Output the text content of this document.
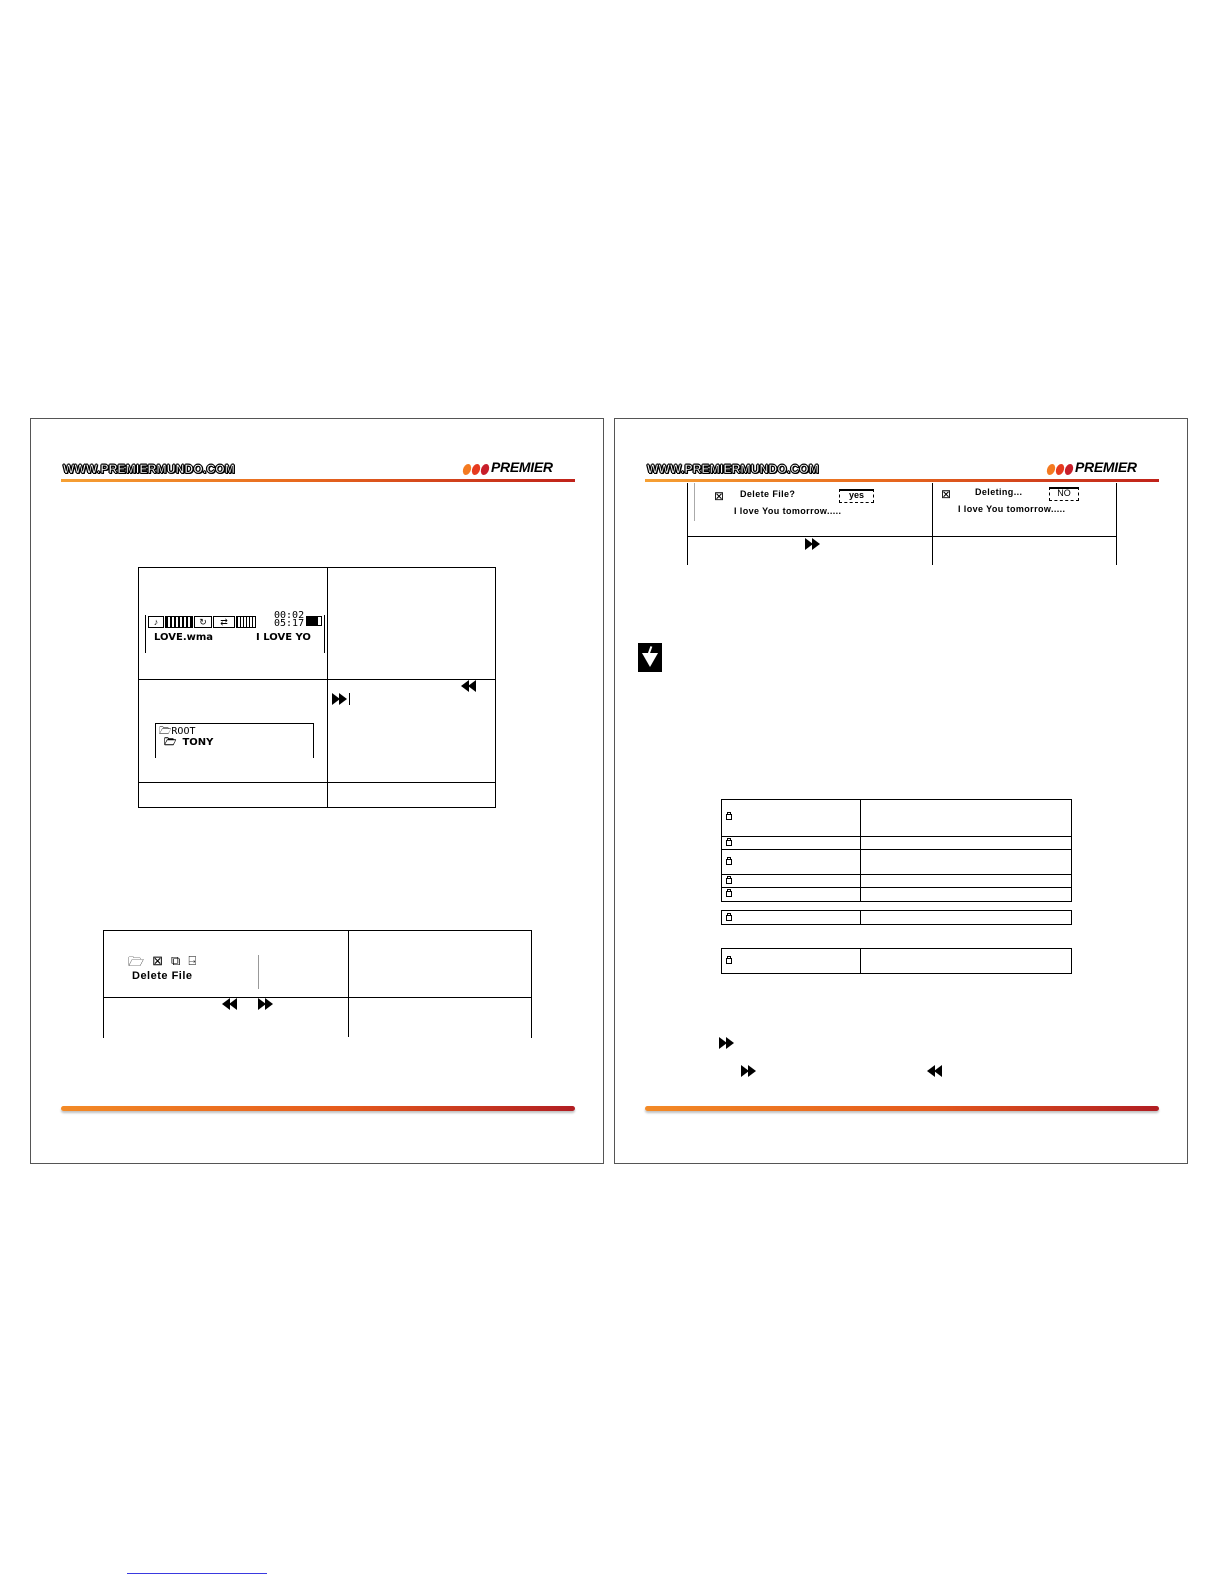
WWW.PREMIERMUNDO.COM	PREMIER
♪	↻	⇄
00:02
05:17
LOVE.wma	I LOVE YO
🗁ROOT
🗁 TONY
🗁 ⊠ ⧉ ⍈
Delete File
WWW.PREMIERMUNDO.COM	PREMIER
⊠ Delete File?	yes
I love You tomorrow.....
⊠	Deleting...	NO
I love You tomorrow.....
